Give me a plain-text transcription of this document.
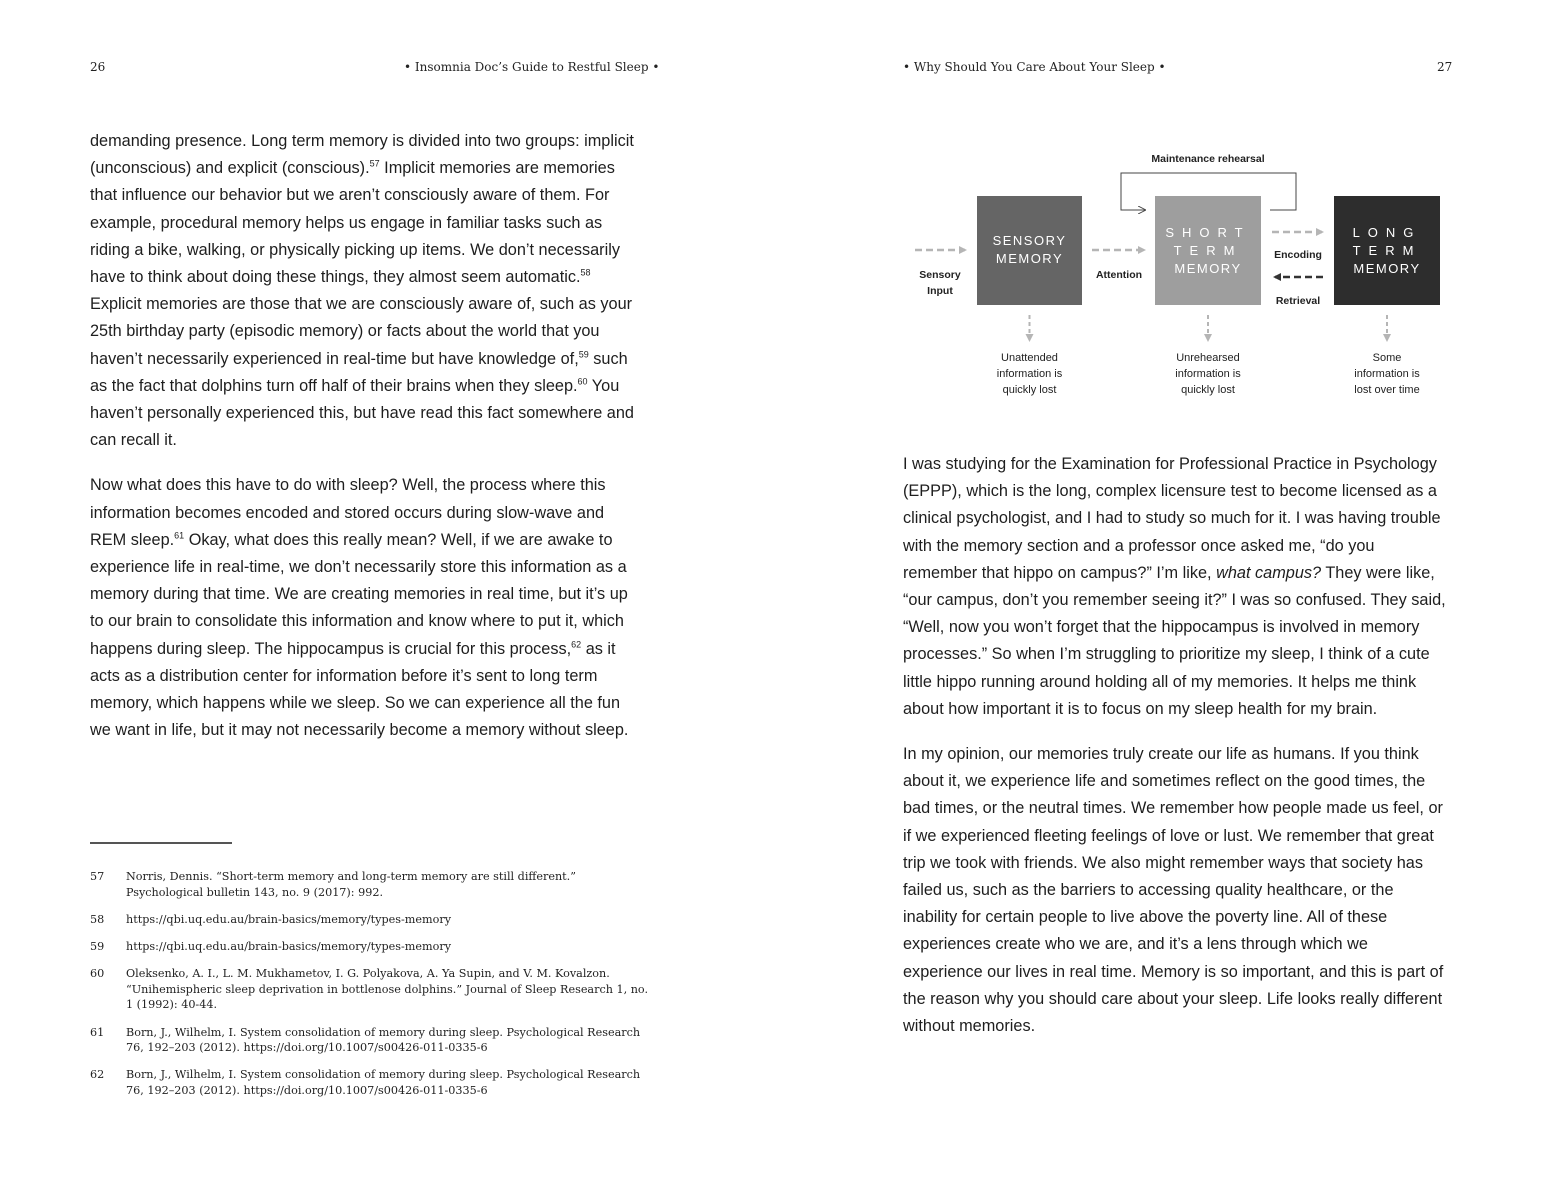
26	• Insomnia Doc’s Guide to Restful Sleep •

demanding presence. Long term memory is divided into two groups: implicit (unconscious) and explicit (conscious).$^{57}$ Implicit memories are memories that influence our behavior but we aren’t consciously aware of them. For example, procedural memory helps us engage in familiar tasks such as riding a bike, walking, or physically picking up items. We don’t necessarily have to think about doing these things, they almost seem automatic.$^{58}$ Explicit memories are those that we are consciously aware of, such as your 25th birthday party (episodic memory) or facts about the world that you haven’t necessarily experienced in real-time but have knowledge of,$^{59}$ such as the fact that dolphins turn off half of their brains when they sleep.$^{60}$ You haven’t personally experienced this, but have read this fact somewhere and can recall it.

Now what does this have to do with sleep? Well, the process where this information becomes encoded and stored occurs during slow-wave and REM sleep.$^{61}$ Okay, what does this really mean? Well, if we are awake to experience life in real-time, we don’t necessarily store this information as a memory during that time. We are creating memories in real time, but it’s up to our brain to consolidate this information and know where to put it, which happens during sleep. The hippocampus is crucial for this process,$^{62}$ as it acts as a distribution center for information before it’s sent to long term memory, which happens while we sleep. So we can experience all the fun we want in life, but it may not necessarily become a memory without sleep.

57	Norris, Dennis. “Short-term memory and long-term memory are still different.” Psychological bulletin 143, no. 9 (2017): 992.
58	https://qbi.uq.edu.au/brain-basics/memory/types-memory
59	https://qbi.uq.edu.au/brain-basics/memory/types-memory
60	Oleksenko, A. I., L. M. Mukhametov, I. G. Polyakova, A. Ya Supin, and V. M. Kovalzon. “Unihemispheric sleep deprivation in bottlenose dolphins.” Journal of Sleep Research 1, no. 1 (1992): 40-44.
61	Born, J., Wilhelm, I. System consolidation of memory during sleep. Psychological Research 76, 192–203 (2012). https://doi.org/10.1007/s00426-011-0335-6
62	Born, J., Wilhelm, I. System consolidation of memory during sleep. Psychological Research 76, 192–203 (2012). https://doi.org/10.1007/s00426-011-0335-6
• Why Should You Care About Your Sleep •	27
Maintenance rehearsal
SENSORY
MEMORY
SHORT
TERM
MEMORY
LONG
TERM
MEMORY
Sensory
Input
Attention
Encoding
Retrieval
Unattended
information is
quickly lost
Unrehearsed
information is
quickly lost
Some
information is
lost over time

I was studying for the Examination for Professional Practice in Psychology (EPPP), which is the long, complex licensure test to become licensed as a clinical psychologist, and I had to study so much for it. I was having trouble with the memory section and a professor once asked me, “do you remember that hippo on campus?” I’m like, what campus? They were like, “our campus, don’t you remember seeing it?” I was so confused. They said, “Well, now you won’t forget that the hippocampus is involved in memory processes.” So when I’m struggling to prioritize my sleep, I think of a cute little hippo running around holding all of my memories. It helps me think about how important it is to focus on my sleep health for my brain.

In my opinion, our memories truly create our life as humans. If you think about it, we experience life and sometimes reflect on the good times, the bad times, or the neutral times. We remember how people made us feel, or if we experienced fleeting feelings of love or lust. We remember that great trip we took with friends. We also might remember ways that society has failed us, such as the barriers to accessing quality healthcare, or the inability for certain people to live above the poverty line. All of these experiences create who we are, and it’s a lens through which we experience our lives in real time. Memory is so important, and this is part of the reason why you should care about your sleep. Life looks really different without memories.
